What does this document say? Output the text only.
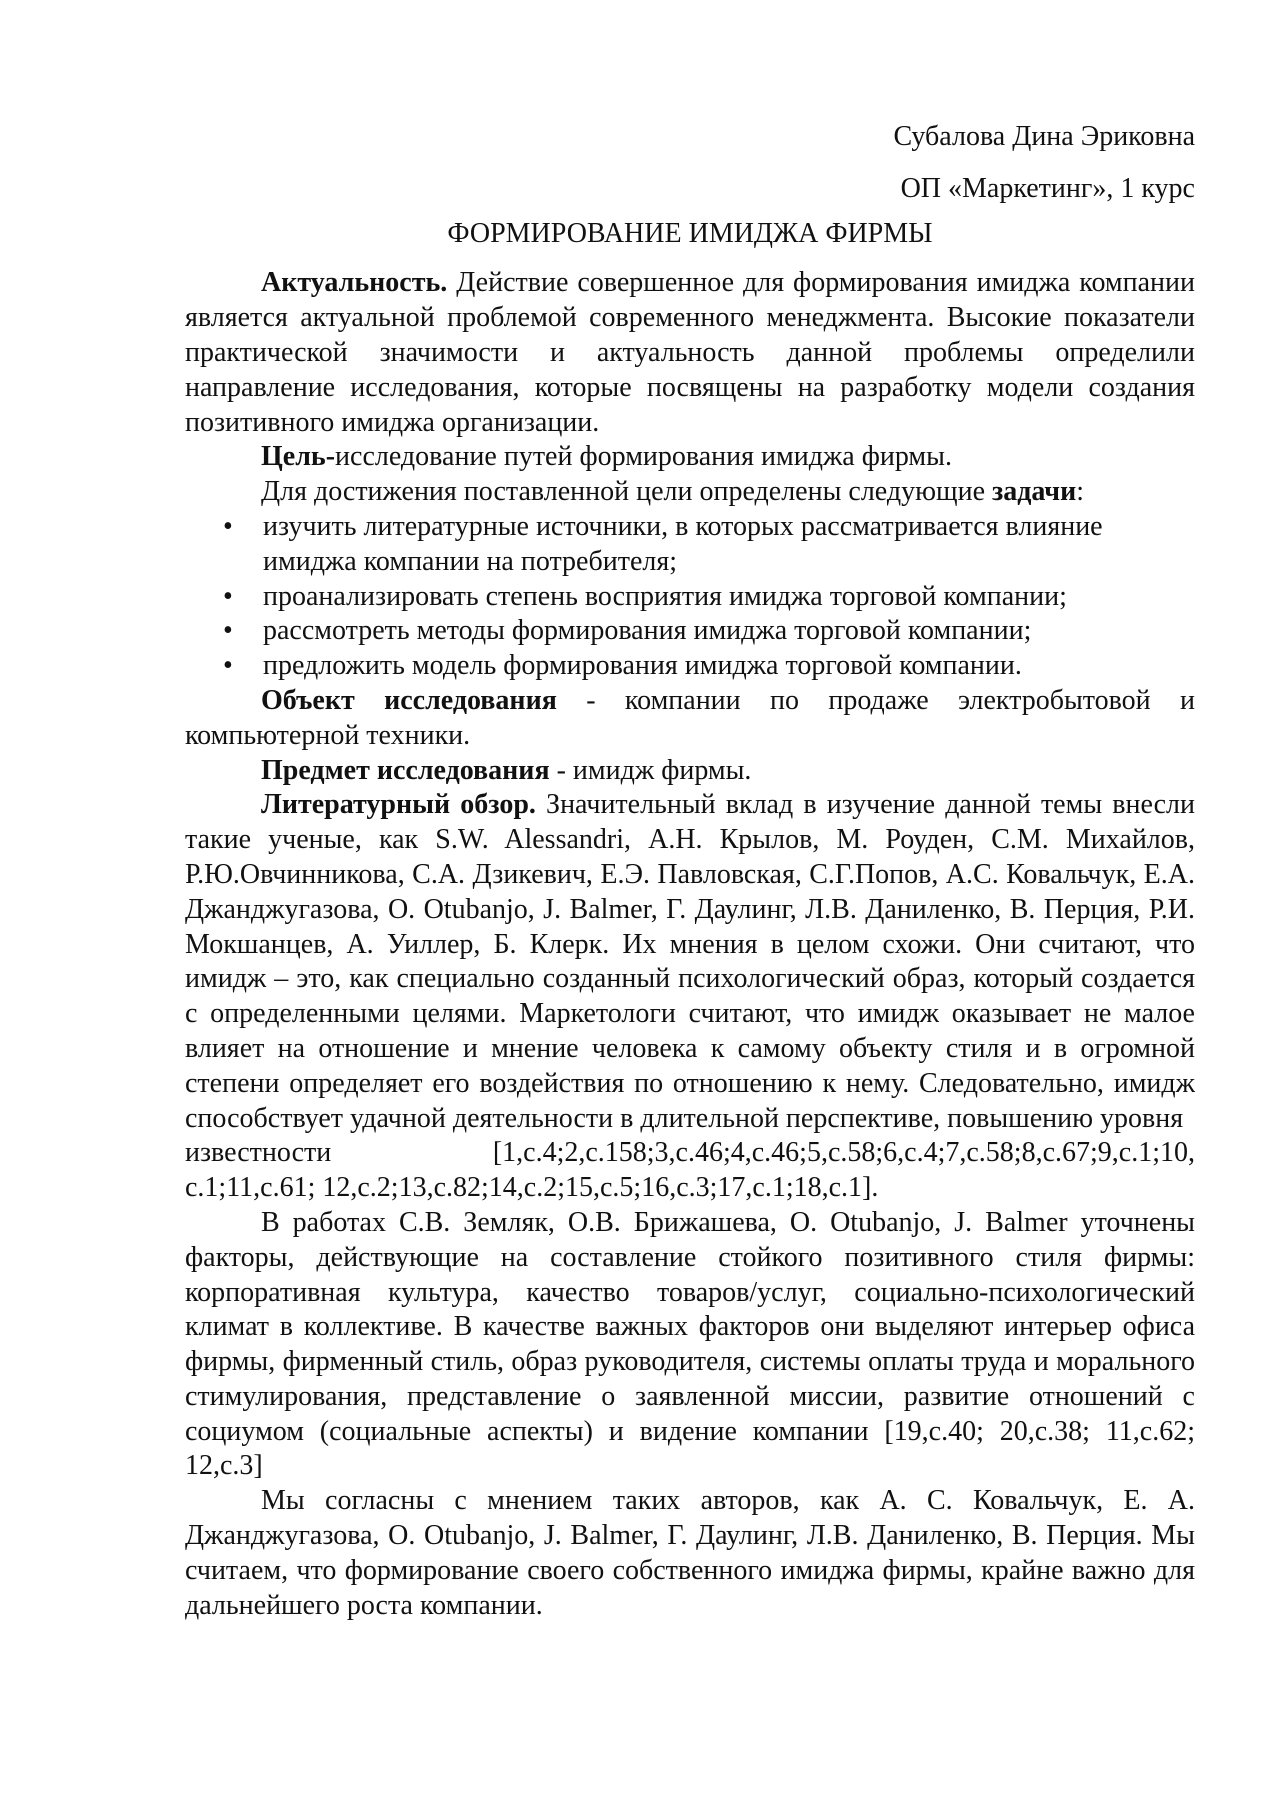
Субалова Дина Эриковна

ОП «Маркетинг», 1 курс

ФОРМИРОВАНИЕ ИМИДЖА ФИРМЫ

Актуальность. Действие совершенное для формирования имиджа компании является актуальной проблемой современного менеджмента. Высокие показатели практической значимости и актуальность данной проблемы определили направление исследования, которые посвящены на разработку модели создания позитивного имиджа организации.

Цель-исследование путей формирования имиджа фирмы.

Для достижения поставленной цели определены следующие задачи:

• изучить литературные источники, в которых рассматривается влияние имиджа компании на потребителя;
• проанализировать степень восприятия имиджа торговой компании;
• рассмотреть методы формирования имиджа торговой компании;
• предложить модель формирования имиджа торговой компании.

Объект исследования - компании по продаже электробытовой и компьютерной техники.

Предмет исследования - имидж фирмы.

Литературный обзор. Значительный вклад в изучение данной темы внесли такие ученые, как S.W. Alessandri, А.Н. Крылов, М. Роуден, С.М. Михайлов, Р.Ю.Овчинникова, С.А. Дзикевич, Е.Э. Павловская, С.Г.Попов, А.С. Ковальчук, Е.А. Джанджугазова, O. Otubanjo, J. Balmer, Г. Даулинг, Л.В. Даниленко, В. Перция, Р.И. Мокшанцев, А. Уиллер, Б. Клерк. Их мнения в целом схожи. Они считают, что имидж – это, как специально созданный психологический образ, который создается с определенными целями. Маркетологи считают, что имидж оказывает не малое влияет на отношение и мнение человека к самому объекту стиля и в огромной степени определяет его воздействия по отношению к нему. Следовательно, имидж способствует удачной деятельности в длительной перспективе, повышению уровня

известности	[1,с.4;2,с.158;3,с.46;4,с.46;5,с.58;6,с.4;7,с.58;8,с.67;9,с.1;10,

с.1;11,с.61; 12,с.2;13,с.82;14,с.2;15,с.5;16,с.3;17,с.1;18,с.1].

В работах С.В. Земляк, О.В. Брижашева, O. Otubanjo, J. Balmer уточнены факторы, действующие на составление стойкого позитивного стиля фирмы: корпоративная культура, качество товаров/услуг, социально-психологический климат в коллективе. В качестве важных факторов они выделяют интерьер офиса фирмы, фирменный стиль, образ руководителя, системы оплаты труда и морального стимулирования, представление о заявленной миссии, развитие отношений с социумом (социальные аспекты) и видение компании [19,с.40; 20,с.38; 11,с.62; 12,с.3]

Мы согласны с мнением таких авторов, как А. С. Ковальчук, Е. А. Джанджугазова, O. Otubanjo, J. Balmer, Г. Даулинг, Л.В. Даниленко, В. Перция. Мы считаем, что формирование своего собственного имиджа фирмы, крайне важно для дальнейшего роста компании.
